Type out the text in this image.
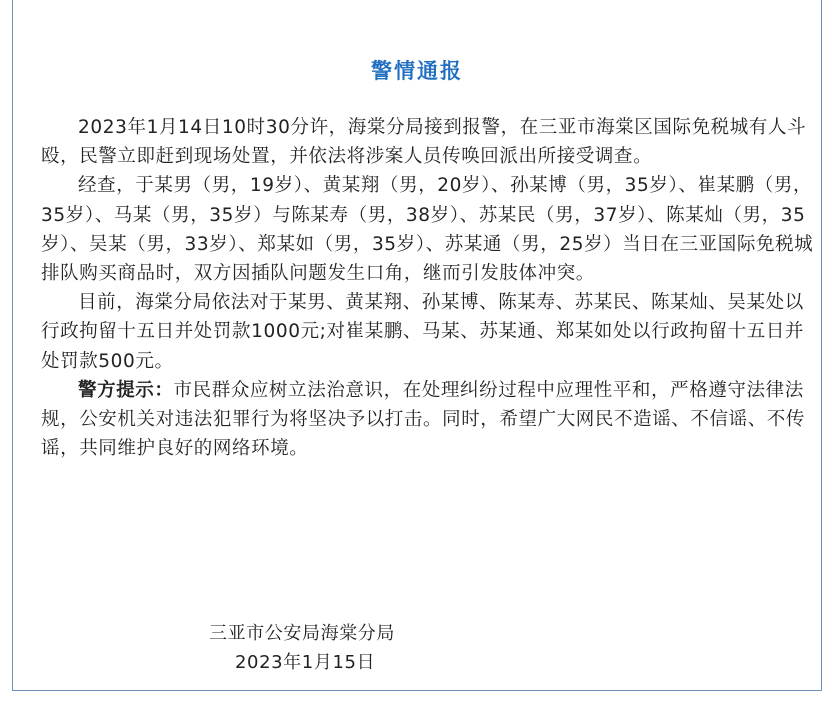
警情通报

2023年1月14日10时30分许，海棠分局接到报警，在三亚市海棠区国际免税城有人斗殴，民警立即赶到现场处置，并依法将涉案人员传唤回派出所接受调查。

经查，于某男（男，19岁）、黄某翔（男，20岁）、孙某博（男，35岁）、崔某鹏（男，35岁）、马某（男，35岁）与陈某寿（男，38岁）、苏某民（男，37岁）、陈某灿（男，35岁）、吴某（男，33岁）、郑某如（男，35岁）、苏某通（男，25岁）当日在三亚国际免税城排队购买商品时，双方因插队问题发生口角，继而引发肢体冲突。

目前，海棠分局依法对于某男、黄某翔、孙某博、陈某寿、苏某民、陈某灿、吴某处以行政拘留十五日并处罚款1000元;对崔某鹏、马某、苏某通、郑某如处以行政拘留十五日并处罚款500元。

警方提示：市民群众应树立法治意识，在处理纠纷过程中应理性平和，严格遵守法律法规，公安机关对违法犯罪行为将坚决予以打击。同时，希望广大网民不造谣、不信谣、不传谣，共同维护良好的网络环境。

三亚市公安局海棠分局
2023年1月15日
